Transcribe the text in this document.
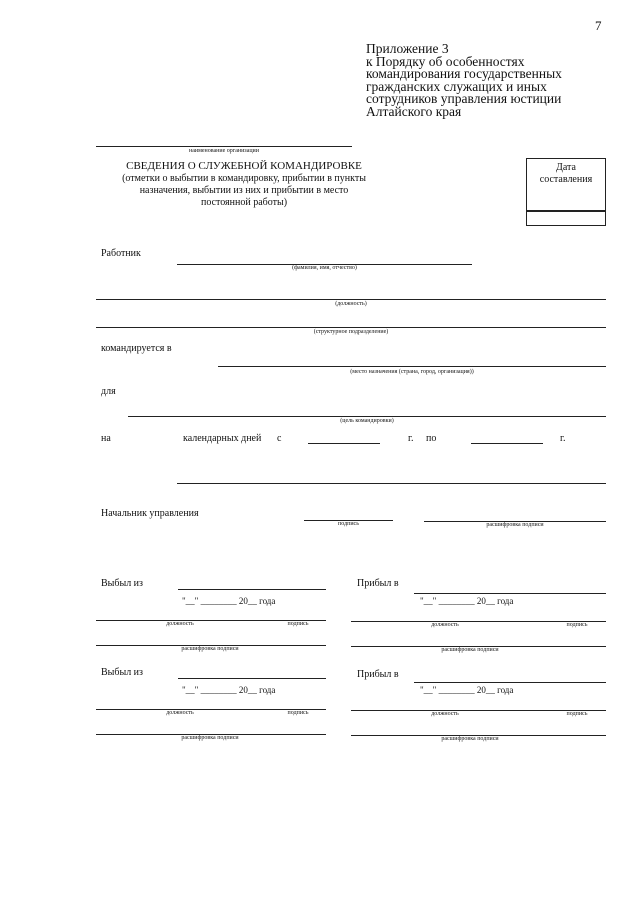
7
Приложение 3
к Порядку об особенностях
командирования государственных
гражданских служащих и иных
сотрудников управления юстиции
Алтайского края
наименование организации
СВЕДЕНИЯ О СЛУЖЕБНОЙ КОМАНДИРОВКЕ
(отметки о выбытии в командировку, прибытии в пункты
назначения, выбытии из них и прибытии в место
постоянной работы)
Дата
составления
Работник
(фамилия, имя, отчество)
(должность)
(структурное подразделение)
командируется в
(место назначения (страна, город, организация))
для
(цель командировки)
на	календарных дней с	г. по	г.
Начальник управления
подпись	расшифровка подписи
Выбыл из
"__" ________ 20__ года
должность	подпись
расшифровка подписи
Прибыл в
"__" ________ 20__ года
должность	подпись
расшифровка подписи
Выбыл из
"__" ________ 20__ года
должность	подпись
расшифровка подписи
Прибыл в
"__" ________ 20__ года
должность	подпись
расшифровка подписи
